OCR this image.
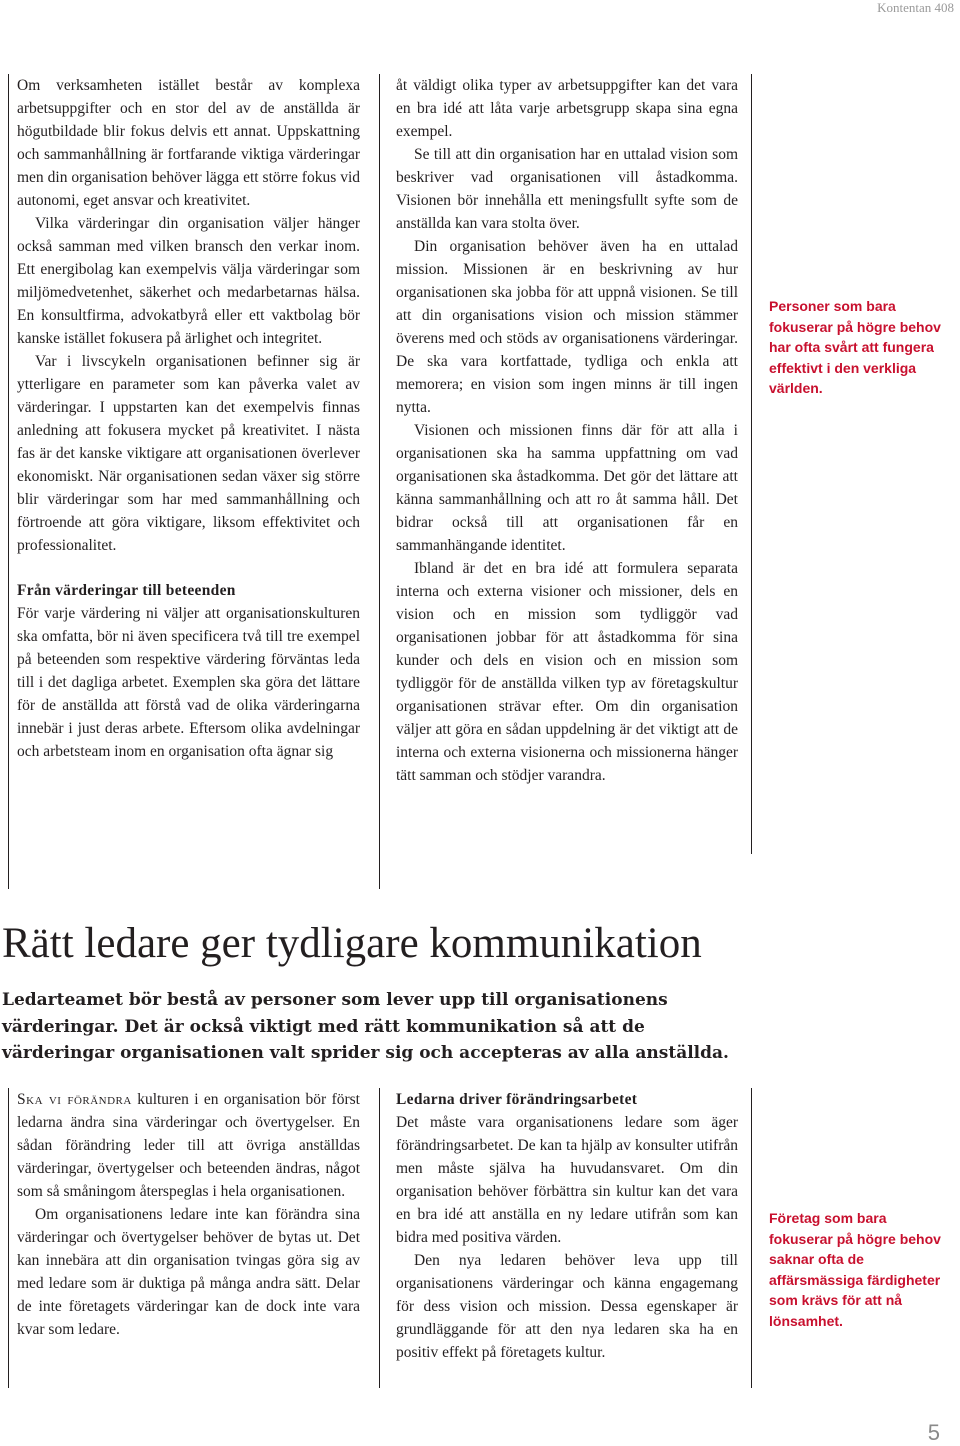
Kontentan 408

Om verksamheten istället består av komplexa arbetsuppgifter och en stor del av de anställda är högutbildade blir fokus delvis ett annat. Uppskattning och sammanhållning är fortfarande viktiga värderingar men din organisation behöver lägga ett större fokus vid autonomi, eget ansvar och kreativitet.

Vilka värderingar din organisation väljer hänger också samman med vilken bransch den verkar inom. Ett energibolag kan exempelvis välja värderingar som miljömedvetenhet, säkerhet och medarbetarnas hälsa. En konsultfirma, advokatbyrå eller ett vaktbolag bör kanske istället fokusera på ärlighet och integritet.

Var i livscykeln organisationen befinner sig är ytterligare en parameter som kan påverka valet av värderingar. I uppstarten kan det exempelvis finnas anledning att fokusera mycket på kreativitet. I nästa fas är det kanske viktigare att organisationen överlever ekonomiskt. När organisationen sedan växer sig större blir värderingar som har med sammanhållning och förtroende att göra viktigare, liksom effektivitet och professionalitet.

Från värderingar till beteenden

För varje värdering ni väljer att organisationskulturen ska omfatta, bör ni även specificera två till tre exempel på beteenden som respektive värdering förväntas leda till i det dagliga arbetet. Exemplen ska göra det lättare för de anställda att förstå vad de olika värderingarna innebär i just deras arbete. Eftersom olika avdelningar och arbetsteam inom en organisation ofta ägnar sig

åt väldigt olika typer av arbetsuppgifter kan det vara en bra idé att låta varje arbetsgrupp skapa sina egna exempel.

Se till att din organisation har en uttalad vision som beskriver vad organisationen vill åstadkomma. Visionen bör innehålla ett meningsfullt syfte som de anställda kan vara stolta över.

Din organisation behöver även ha en uttalad mission. Missionen är en beskrivning av hur organisationen ska jobba för att uppnå visionen. Se till att din organisations vision och mission stämmer överens med och stöds av organisationens värderingar. De ska vara kortfattade, tydliga och enkla att memorera; en vision som ingen minns är till ingen nytta.

Visionen och missionen finns där för att alla i organisationen ska ha samma uppfattning om vad organisationen ska åstadkomma. Det gör det lättare att känna sammanhållning och att ro åt samma håll. Det bidrar också till att organisationen får en sammanhängande identitet.

Ibland är det en bra idé att formulera separata interna och externa visioner och missioner, dels en vision och en mission som tydliggör vad organisationen jobbar för att åstadkomma för sina kunder och dels en vision och en mission som tydliggör för de anställda vilken typ av företagskultur organisationen strävar efter. Om din organisation väljer att göra en sådan uppdelning är det viktigt att de interna och externa visionerna och missionerna hänger tätt samman och stödjer varandra.

Personer som bara fokuserar på högre behov har ofta svårt att fungera effektivt i den verkliga världen.
Rätt ledare ger tydligare kommunikation

Ledarteamet bör bestå av personer som lever upp till organisationens värderingar. Det är också viktigt med rätt kommunikation så att de värderingar organisationen valt sprider sig och accepteras av alla anställda.

Ska vi förändra kulturen i en organisation bör först ledarna ändra sina värderingar och övertygelser. En sådan förändring leder till att övriga anställdas värderingar, övertygelser och beteenden ändras, något som så småningom återspeglas i hela organisationen.

Om organisationens ledare inte kan förändra sina värderingar och övertygelser behöver de bytas ut. Det kan innebära att din organisation tvingas göra sig av med ledare som är duktiga på många andra sätt. Delar de inte företagets värderingar kan de dock inte vara kvar som ledare.

Ledarna driver förändringsarbetet

Det måste vara organisationens ledare som äger förändringsarbetet. De kan ta hjälp av konsulter utifrån men måste själva ha huvudansvaret. Om din organisation behöver förbättra sin kultur kan det vara en bra idé att anställa en ny ledare utifrån som kan bidra med positiva värden.

Den nya ledaren behöver leva upp till organisationens värderingar och känna engagemang för dess vision och mission. Dessa egenskaper är grundläggande för att den nya ledaren ska ha en positiv effekt på företagets kultur.

Företag som bara fokuserar på högre behov saknar ofta de affärsmässiga färdigheter som krävs för att nå lönsamhet.
5
